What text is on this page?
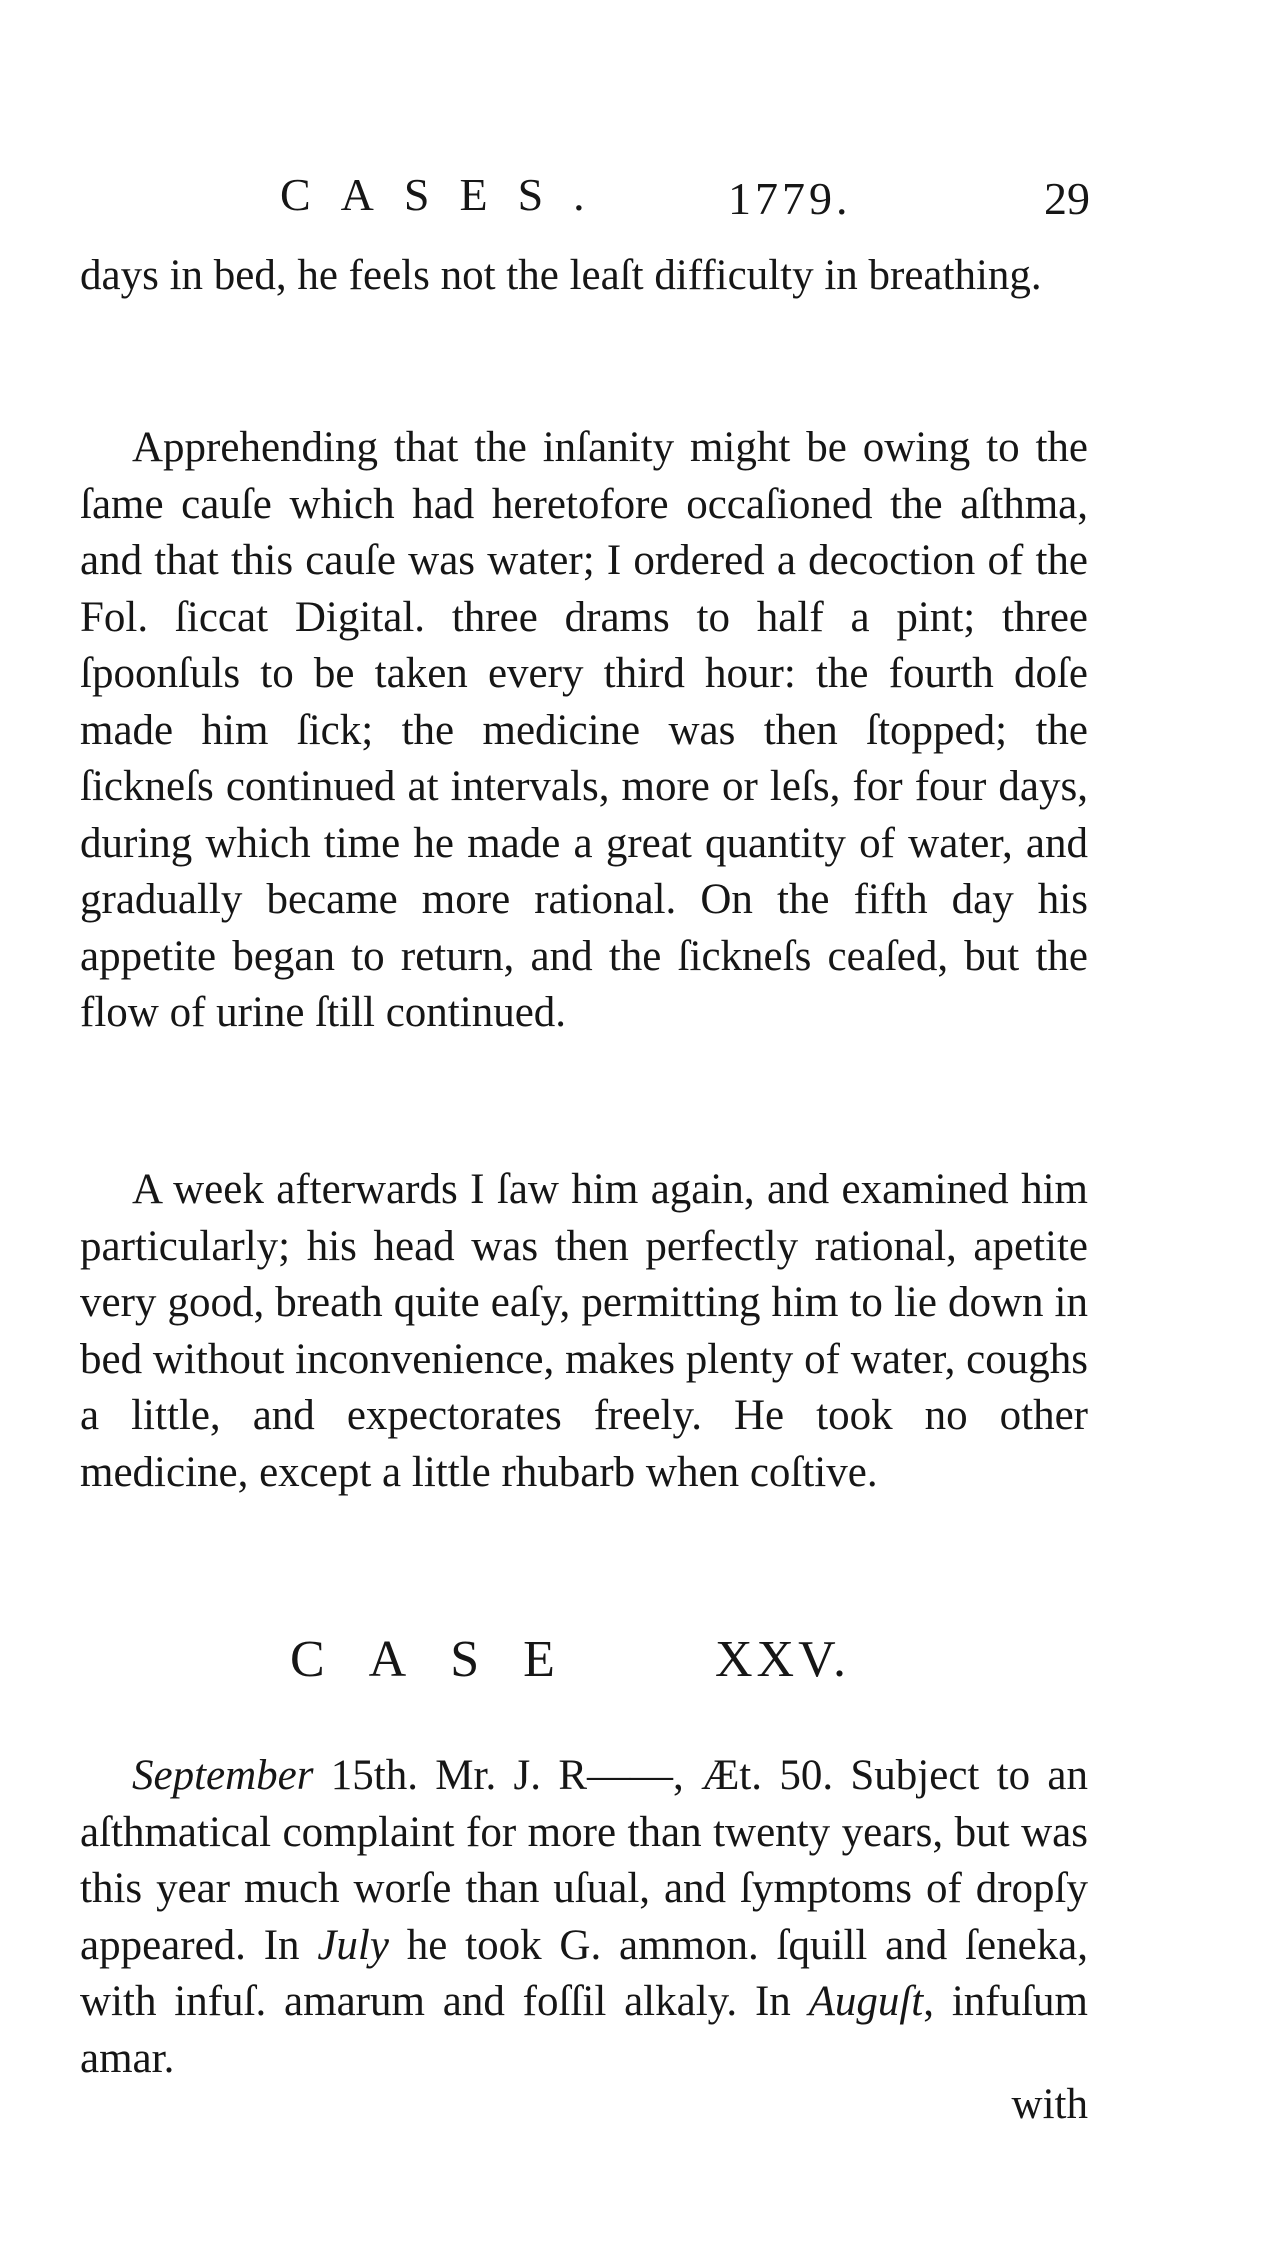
CASES. 1779.	29

days in bed, he feels not the leaſt difficulty in breathing.

Apprehending that the inſanity might be owing to the ſame cauſe which had heretofore occaſioned the aſthma, and that this cauſe was water; I ordered a decoction of the Fol. ſiccat Digital. three drams to half a pint; three ſpoonſuls to be taken every third hour: the fourth doſe made him ſick; the medicine was then ſtopped; the ſickneſs continued at intervals, more or leſs, for four days, during which time he made a great quantity of water, and gradually became more rational. On the fifth day his appetite began to return, and the ſickneſs ceaſed, but the flow of urine ſtill continued.

A week afterwards I ſaw him again, and examined him particularly; his head was then perfectly rational, apetite very good, breath quite eaſy, permitting him to lie down in bed without inconvenience, makes plenty of water, coughs a little, and expectorates freely. He took no other medicine, except a little rhubarb when coſtive.

CASE XXV.

September 15th. Mr. J. R——, Æt. 50. Subject to an aſthmatical complaint for more than twenty years, but was this year much worſe than uſual, and ſymptoms of dropſy appeared. In July he took G. ammon. ſquill and ſeneka, with infuſ. amarum and foſſil alkaly. In Auguſt, infuſum amar.

with
